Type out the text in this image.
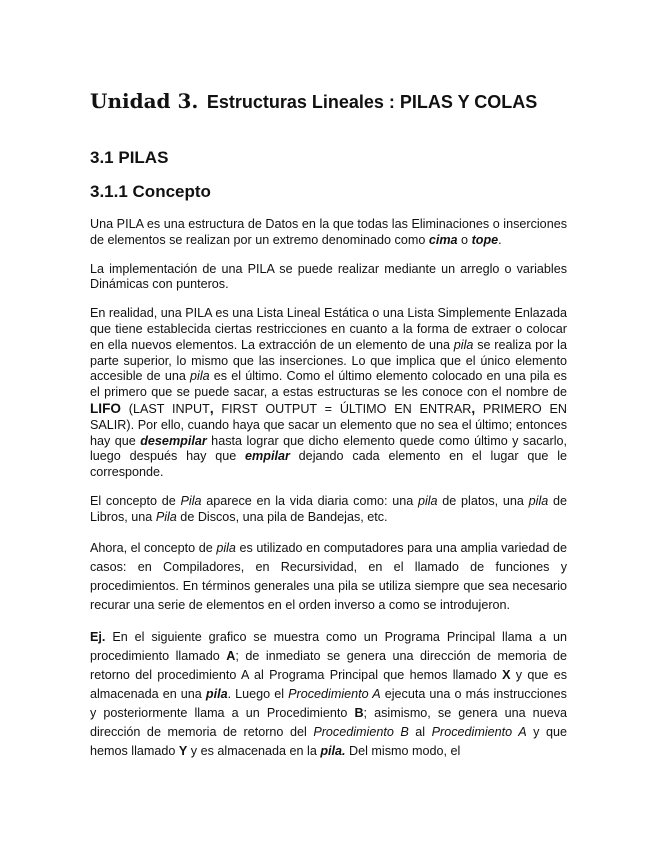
Unidad 3. Estructuras Lineales : PILAS Y COLAS
3.1 PILAS
3.1.1 Concepto

Una PILA es una estructura de Datos en la que todas las Eliminaciones o inserciones de elementos se realizan por un extremo denominado como cima o tope.

La implementación de una PILA se puede realizar mediante un arreglo o variables Dinámicas con punteros.

En realidad, una PILA es una Lista Lineal Estática o una Lista Simplemente Enlazada que tiene establecida ciertas restricciones en cuanto a la forma de extraer o colocar en ella nuevos elementos. La extracción de un elemento de una pila se realiza por la parte superior, lo mismo que las inserciones. Lo que implica que el único elemento accesible de una pila es el último. Como el último elemento colocado en una pila es el primero que se puede sacar, a estas estructuras se les conoce con el nombre de LIFO (LAST INPUT, FIRST OUTPUT = ÚLTIMO EN ENTRAR, PRIMERO EN SALIR). Por ello, cuando haya que sacar un elemento que no sea el último; entonces hay que desempilar hasta lograr que dicho elemento quede como último y sacarlo, luego después hay que empilar dejando cada elemento en el lugar que le corresponde.

El concepto de Pila aparece en la vida diaria como: una pila de platos, una pila de Libros, una Pila de Discos, una pila de Bandejas, etc.

Ahora, el concepto de pila es utilizado en computadores para una amplia variedad de casos: en Compiladores, en Recursividad, en el llamado de funciones y procedimientos. En términos generales una pila se utiliza siempre que sea necesario recurar una serie de elementos en el orden inverso a como se introdujeron.

Ej. En el siguiente grafico se muestra como un Programa Principal llama a un procedimiento llamado A; de inmediato se genera una dirección de memoria de retorno del procedimiento A al Programa Principal que hemos llamado X y que es almacenada en una pila. Luego el Procedimiento A ejecuta una o más instrucciones y posteriormente llama a un Procedimiento B; asimismo, se genera una nueva dirección de memoria de retorno del Procedimiento B al Procedimiento A y que hemos llamado Y y es almacenada en la pila. Del mismo modo, el
